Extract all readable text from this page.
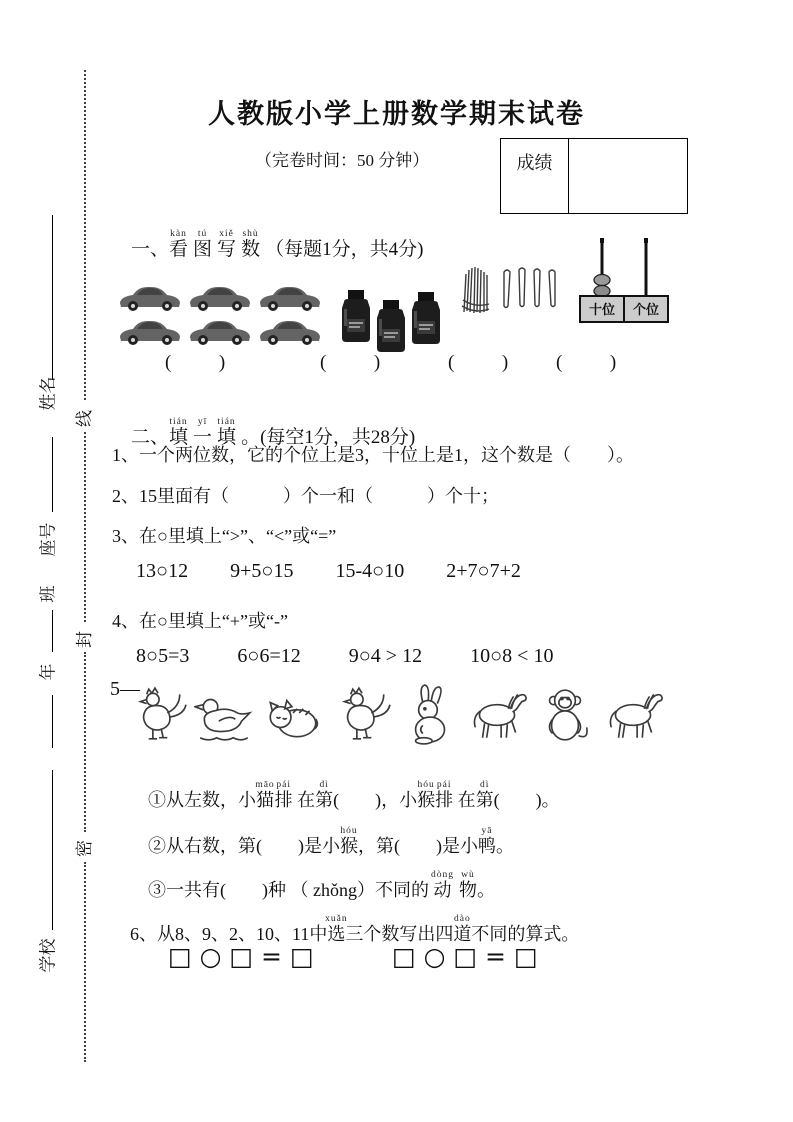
姓名
座号
班
年
学校
线
封
密
人教版小学上册数学期末试卷
（完卷时间：50 分钟）	成绩

一、看kàn图tú写xiě数shù（每题1分，共4分)

十位 个位
(          )	(          )	(          )	(          )

二、填tián一yī填tián。(每空1分，共28分)

1、一个两位数，它的个位上是3，十位上是1，这个数是（        ）。
2、15里面有（            ）个一和（            ）个十；
3、在○里填上“>”、“<”或“=”
13○12 9+5○15 15-4○10 2+7○7+2
4、在○里填上“+”或“-”
8○5=3 6○6=12 9○4 > 12 10○8 < 10
5—

①从左数，小猫māo排pái 在第dì(        )，小猴hóu排pái 在第dì(        )。

②从右数，第(        )是小猴hóu，第(        )是小鸭yā。

③一共有(        )种 （ zhǒng）不同的 动dòng物wù。

6、从8、9、2、10、11中选xuǎn三个数写出四道dào不同的算式。

□○□=□	□○□=□
